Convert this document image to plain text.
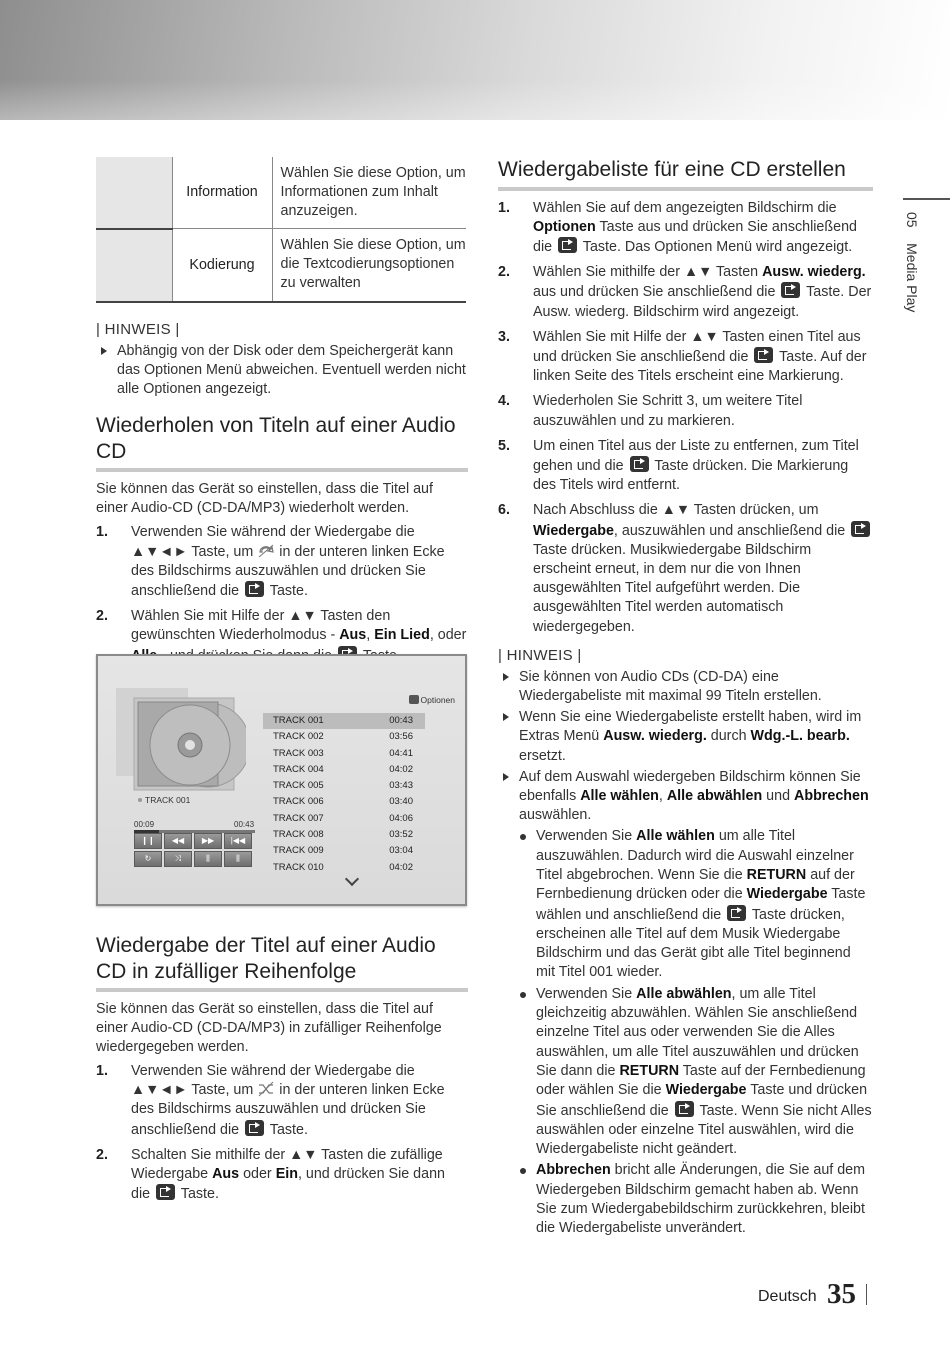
	Information	Wählen Sie diese Option, um Informationen zum Inhalt anzuzeigen.
	Kodierung	Wählen Sie diese Option, um die Textcodierungsoptionen zu verwalten
| HINWEIS |
Abhängig von der Disk oder dem Speichergerät kann das Optionen Menü abweichen. Eventuell werden nicht alle Optionen angezeigt.
Wiederholen von Titeln auf einer Audio CD

Sie können das Gerät so einstellen, dass die Titel auf einer Audio-CD (CD-DA/MP3) wiederholt werden.

1. Verwenden Sie während der Wiedergabe die ▲▼◄► Taste, um in der unteren linken Ecke des Bildschirms auszuwählen und drücken Sie anschließend die Taste.
2. Wählen Sie mit Hilfe der ▲▼ Tasten den gewünschten Wiederholmodus - Aus, Ein Lied, oder
Optionen
TRACK 001
00:09	00:43
❙❙	◀◀	▶▶	|◀◀
↻	⤨	⫼	⫼
TRACK 001	00:43
TRACK 002	03:56
TRACK 003	04:41
TRACK 004	04:02
TRACK 005	03:43
TRACK 006	03:40
TRACK 007	04:06
TRACK 008	03:52
TRACK 009	03:04
TRACK 010	04:02
Wiedergabe der Titel auf einer Audio CD in zufälliger Reihenfolge

Sie können das Gerät so einstellen, dass die Titel auf einer Audio-CD (CD-DA/MP3) in zufälliger Reihenfolge wiedergegeben werden.

1. Verwenden Sie während der Wiedergabe die ▲▼◄► Taste, um in der unteren linken Ecke des Bildschirms auszuwählen und drücken Sie anschließend die Taste.
2. Schalten Sie mithilfe der ▲▼ Tasten die zufällige Wiedergabe Aus oder Ein, und drücken Sie dann die Taste.
Wiedergabeliste für eine CD erstellen
1. Wählen Sie auf dem angezeigten Bildschirm die Optionen Taste aus und drücken Sie anschließend die Taste. Das Optionen Menü wird angezeigt.
2. Wählen Sie mithilfe der ▲▼ Tasten Ausw. wiederg. aus und drücken Sie anschließend die Taste. Der Ausw. wiederg. Bildschirm wird angezeigt.
3. Wählen Sie mit Hilfe der ▲▼ Tasten einen Titel aus und drücken Sie anschließend die Taste. Auf der linken Seite des Titels erscheint eine Markierung.
4. Wiederholen Sie Schritt 3, um weitere Titel auszuwählen und zu markieren.
5. Um einen Titel aus der Liste zu entfernen, zum Titel gehen und die Taste drücken. Die Markierung des Titels wird entfernt.
6. Nach Abschluss die ▲▼ Tasten drücken, um Wiedergabe, auszuwählen und anschließend die  Taste drücken. Musikwiedergabe Bildschirm erscheint erneut, in dem nur die von Ihnen ausgewählten Titel aufgeführt werden. Die ausgewählten Titel werden automatisch wiedergegeben.
| HINWEIS |
Sie können von Audio CDs (CD-DA) eine Wiedergabeliste mit maximal 99 Titeln erstellen.
Wenn Sie eine Wiedergabeliste erstellt haben, wird im Extras Menü Ausw. wiederg. durch Wdg.-L. bearb. ersetzt.
Auf dem Auswahl wiedergeben Bildschirm können Sie ebenfalls Alle wählen, Alle abwählen und Abbrechen auswählen.
Verwenden Sie Alle wählen um alle Titel auszuwählen. Dadurch wird die Auswahl einzelner Titel abgebrochen. Wenn Sie die RETURN auf der Fernbedienung drücken oder die Wiedergabe Taste wählen und anschließend die Taste drücken, erscheinen alle Titel auf dem Musik Wiedergabe Bildschirm und das Gerät gibt alle Titel beginnend mit Titel 001 wieder.
Verwenden Sie Alle abwählen, um alle Titel gleichzeitig abzuwählen. Wählen Sie anschließend einzelne Titel aus oder verwenden Sie die Alles auswählen, um alle Titel auszuwählen und drücken Sie dann die RETURN Taste auf der Fernbedienung oder wählen Sie die Wiedergabe Taste und drücken Sie anschließend die Taste. Wenn Sie nicht Alles auswählen oder einzelne Titel auswählen, wird die Wiedergabeliste nicht geändert.
Abbrechen bricht alle Änderungen, die Sie auf dem Wiedergeben Bildschirm gemacht haben ab. Wenn Sie zum Wiedergabebildschirm zurückkehren, bleibt die Wiedergabeliste unverändert.
05    Media Play
Deutsch 35
